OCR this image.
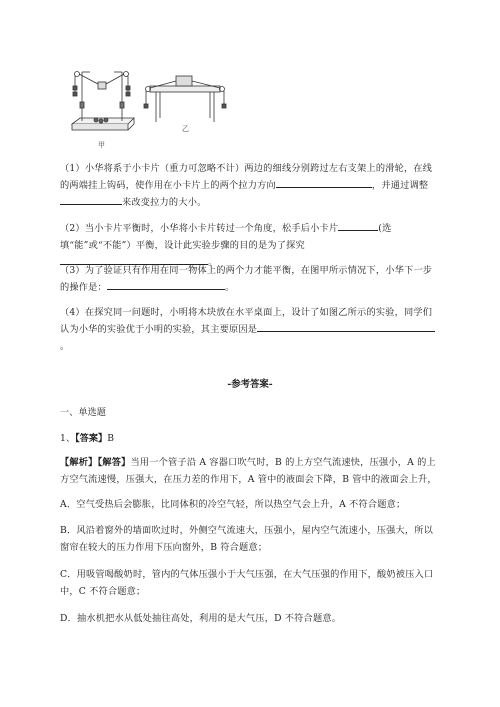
甲
乙
（1）小华将系于小卡片（重力可忽略不计）两边的细线分别跨过左右支架上的滑轮，在线的两端挂上钩码，使作用在小卡片上的两个拉力方向	，并通过调整来改变拉力的大小。
（2）当小卡片平衡时，小华将小卡片转过一个角度，松手后小卡片	(选填“能”或“不能”）平衡，设计此实验步骤的目的是为了探究。
（3）为了验证只有作用在同一物体上的两个力才能平衡，在图甲所示情况下，小华下一步的操作是：	。
（4）在探究同一问题时，小明将木块放在水平桌面上，设计了如图乙所示的实验，同学们认为小华的实验优于小明的实验，其主要原因是。
-参考答案-
一、单选题
1、【答案】B
【解析】【解答】当用一个管子沿 A 容器口吹气时，B 的上方空气流速快，压强小，A 的上方空气流速慢，压强大，在压力差的作用下，A 管中的液面会下降，B 管中的液面会上升，
A．空气受热后会膨胀，比同体积的冷空气轻，所以热空气会上升，A 不符合题意；
B．风沿着窗外的墙面吹过时，外侧空气流速大，压强小，屋内空气流速小，压强大，所以窗帘在较大的压力作用下压向窗外，B 符合题意；
C．用吸管喝酸奶时，管内的气体压强小于大气压强，在大气压强的作用下，酸奶被压入口中，C 不符合题意；
D．抽水机把水从低处抽往高处，利用的是大气压，D 不符合题意。
